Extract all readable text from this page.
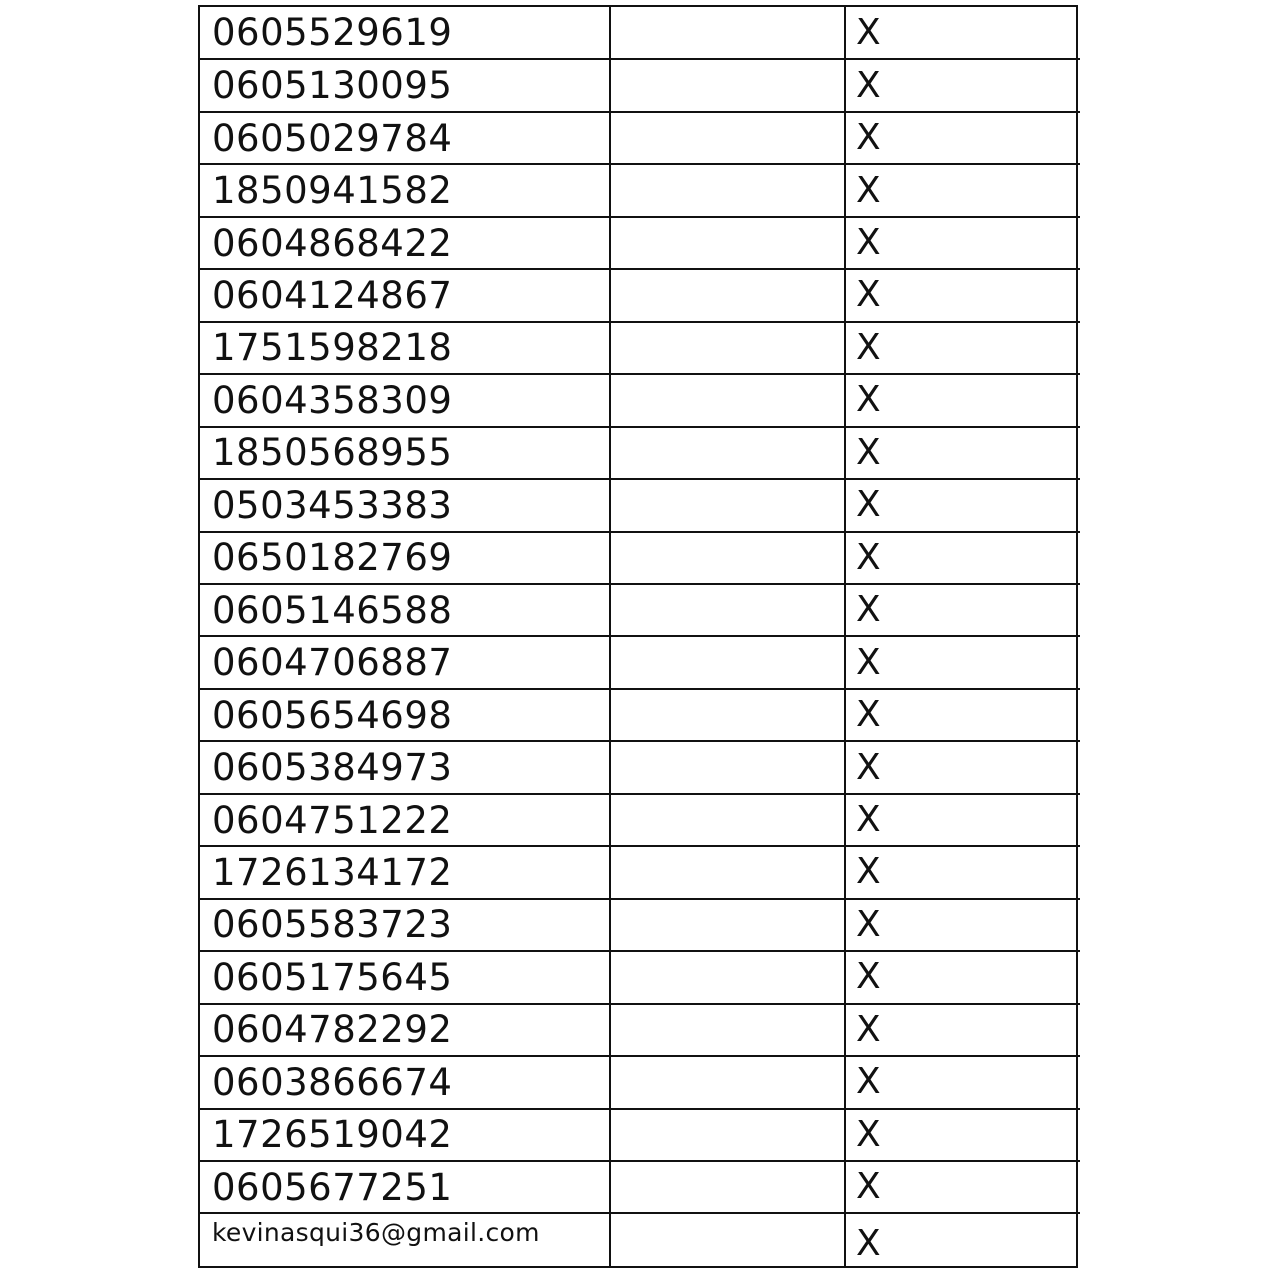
0605529619		X
0605130095		X
0605029784		X
1850941582		X
0604868422		X
0604124867		X
1751598218		X
0604358309		X
1850568955		X
0503453383		X
0650182769		X
0605146588		X
0604706887		X
0605654698		X
0605384973		X
0604751222		X
1726134172		X
0605583723		X
0605175645		X
0604782292		X
0603866674		X
1726519042		X
0605677251		X
kevinasqui36@gmail.com		X
